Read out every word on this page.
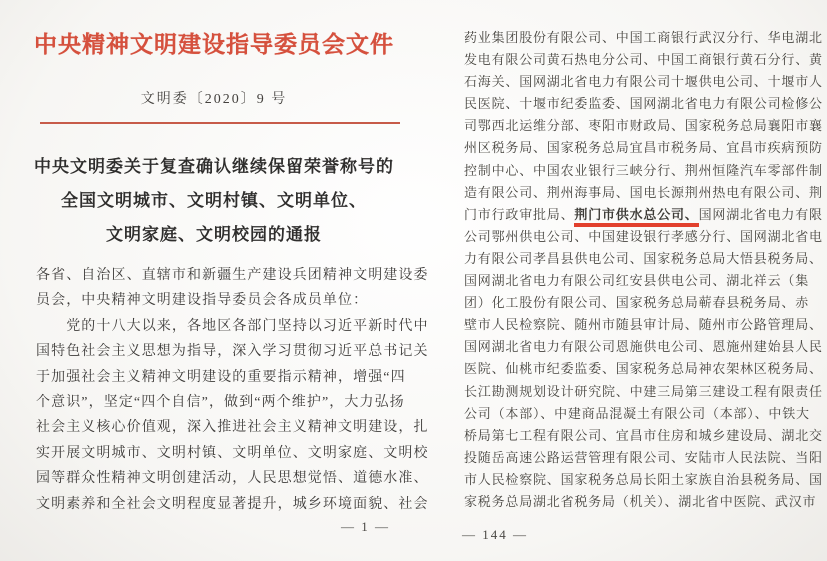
中央精神文明建设指导委员会文件
文明委〔2020〕9 号
中央文明委关于复查确认继续保留荣誉称号的
全国文明城市、文明村镇、文明单位、
文明家庭、文明校园的通报
各省、自治区、直辖市和新疆生产建设兵团精神文明建设委
员会，中央精神文明建设指导委员会各成员单位：
　　党的十八大以来，各地区各部门坚持以习近平新时代中
国特色社会主义思想为指导，深入学习贯彻习近平总书记关
于加强社会主义精神文明建设的重要指示精神，增强“四
个意识”，坚定“四个自信”，做到“两个维护”，大力弘扬
社会主义核心价值观，深入推进社会主义精神文明建设，扎
实开展文明城市、文明村镇、文明单位、文明家庭、文明校
园等群众性精神文明创建活动，人民思想觉悟、道德水准、
文明素养和全社会文明程度显著提升，城乡环境面貌、社会
— 1 —
药业集团股份有限公司、中国工商银行武汉分行、华电湖北
发电有限公司黄石热电分公司、中国工商银行黄石分行、黄
石海关、国网湖北省电力有限公司十堰供电公司、十堰市人
民医院、十堰市纪委监委、国网湖北省电力有限公司检修公
司鄂西北运维分部、枣阳市财政局、国家税务总局襄阳市襄
州区税务局、国家税务总局宜昌市税务局、宜昌市疾病预防
控制中心、中国农业银行三峡分行、荆州恒隆汽车零部件制
造有限公司、荆州海事局、国电长源荆州热电有限公司、荆
门市行政审批局、荆门市供水总公司、国网湖北省电力有限
公司鄂州供电公司、中国建设银行孝感分行、国网湖北省电
力有限公司孝昌县供电公司、国家税务总局大悟县税务局、
国网湖北省电力有限公司红安县供电公司、湖北祥云（集
团）化工股份有限公司、国家税务总局蕲春县税务局、赤
壁市人民检察院、随州市随县审计局、随州市公路管理局、
国网湖北省电力有限公司恩施供电公司、恩施州建始县人民
医院、仙桃市纪委监委、国家税务总局神农架林区税务局、
长江勘测规划设计研究院、中建三局第三建设工程有限责任
公司（本部）、中建商品混凝土有限公司（本部）、中铁大
桥局第七工程有限公司、宜昌市住房和城乡建设局、湖北交
投随岳高速公路运营管理有限公司、安陆市人民法院、当阳
市人民检察院、国家税务总局长阳土家族自治县税务局、国
家税务总局湖北省税务局（机关）、湖北省中医院、武汉市
— 144 —
